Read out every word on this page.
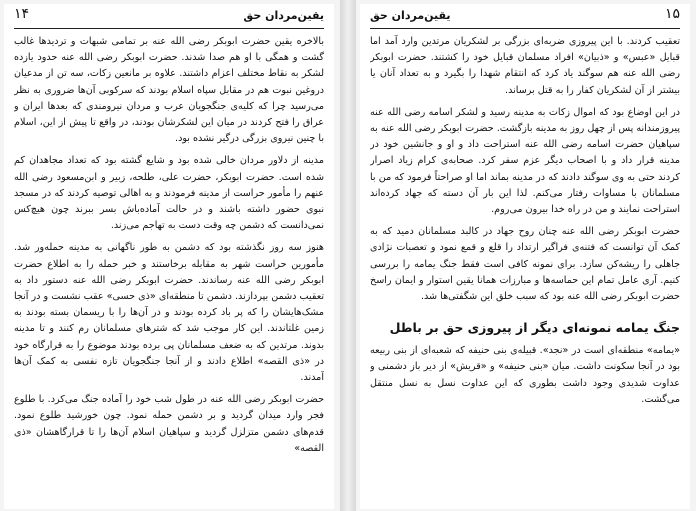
۱۵
یقین‌مردان حق

تعقیب کردند. با این پیروزی ضربه‌ای بزرگی بر لشکریان مرتدین وارد آمد اما قبایل «عبس» و «ذبیان» افراد مسلمان قبایل خود را کشتند. حضرت ابوبکر رضی الله عنه هم سوگند یاد کرد که انتقام شهدا را بگیرد و به تعداد آنان یا بیشتر از آن لشکریان کفار را به قتل برساند.

در این اوضاع بود که اموال زکات به مدینه رسید و لشکر اسامه رضی الله عنه پیروزمندانه پس از چهل روز به مدینه بازگشت. حضرت ابوبکر رضی الله عنه به سپاهیان حضرت اسامه رضی الله عنه استراحت داد و او و جانشین خود در مدینه قرار داد و با اصحاب دیگر عزم سفر کرد. صحابه‌ی کرام زیاد اصرار کردند حتی به وی سوگند دادند که در مدینه بماند اما او صراحتاً فرمود که من با مسلمانان با مساوات رفتار می‌کنم. لذا این بار آن دسته که جهاد کرده‌اند استراحت نمایند و من در راه خدا بیرون می‌روم.

حضرت ابوبکر رضی الله عنه چنان روح جهاد در کالبد مسلمانان دمید که به کمک آن توانست که فتنه‌ی فراگیر ارتداد را قلع و قمع نمود و تعصبات نژادی جاهلی را ریشه‌کن سازد. برای نمونه کافی است فقط جنگ یمامه را بررسی کنیم. آری عامل تمام این حماسه‌ها و مبارزات همانا یقین استوار و ایمان راسخ حضرت ابوبکر رضی الله عنه بود که سبب خلق این شگفتی‌ها شد.

جنگ یمامه نمونه‌ای دیگر از پیروزی حق بر باطل

«یمامه» منطقه‌ای است در «نجد». قبیله‌ی بنی حنیفه که شعبه‌ای از بنی ربیعه بود در آنجا سکونت داشت. میان «بنی حنیفه» و «قریش» از دیر باز دشمنی و عداوت شدیدی وجود داشت بطوری که این عداوت نسل به نسل منتقل می‌گشت.

۱۴	یقین‌مردان حق

بالاخره یقین حضرت ابوبکر رضی الله عنه بر تمامی شبهات و تردیدها غالب گشت و همگی با او هم صدا شدند. حضرت ابوبکر رضی الله عنه حدود یازده لشکر به نقاط مختلف اعزام داشتند. علاوه بر مانعین زکات، سه تن از مدعیان دروغین نبوت هم در مقابل سپاه اسلام بودند که سرکوبی آن‌ها ضروری به نظر می‌رسید چرا که کلیه‌ی جنگجویان عرب و مردان نیرومندی که بعدها ایران و عراق را فتح کردند در میان این لشکرشان بودند، در واقع تا پیش از این، اسلام با چنین نیروی بزرگی درگیر نشده بود.

مدینه از دلاور مردان خالی شده بود و شایع گشته بود که تعداد مجاهدان کم شده است. حضرت ابوبکر، حضرت علی، طلحه، زبیر و ابن‌مسعود رضی الله عنهم را مأمور حراست از مدینه فرمودند و به اهالی توصیه کردند که در مسجد نبوی حضور داشته باشند و در حالت آماده‌باش بسر ببرند چون هیچ‌کس نمی‌دانست که دشمن چه وقت دست به تهاجم می‌زند.

هنوز سه روز نگذشته بود که دشمن به طور ناگهانی به مدینه حمله‌ور شد. مأمورین حراست شهر به مقابله برخاستند و خبر حمله را به اطلاع حضرت ابوبکر رضی الله عنه رساندند. حضرت ابوبکر رضی الله عنه دستور داد به تعقیب دشمن بپردازند. دشمن تا منطقه‌ای «ذی حسی» عقب نشست و در آنجا مشک‌هایشان را که پر باد کرده بودند و در آن‌ها را با ریسمان بسته بودند به زمین غلتاندند. این کار موجب شد که شترهای مسلمانان رم کنند و تا مدینه بدوند. مرتدین که به ضعف مسلمانان پی برده بودند موضوع را به قرارگاه خود در «ذی القصه» اطلاع دادند و از آنجا جنگجویان تازه نفسی به کمک آن‌ها آمدند.

حضرت ابوبکر رضی الله عنه در طول شب خود را آماده جنگ می‌کرد. با طلوع فجر وارد میدان گردید و بر دشمن حمله نمود. چون خورشید طلوع نمود. قدم‌های دشمن متزلزل گردید و سپاهیان اسلام آن‌ها را تا قرارگاهشان «ذی القصه»
